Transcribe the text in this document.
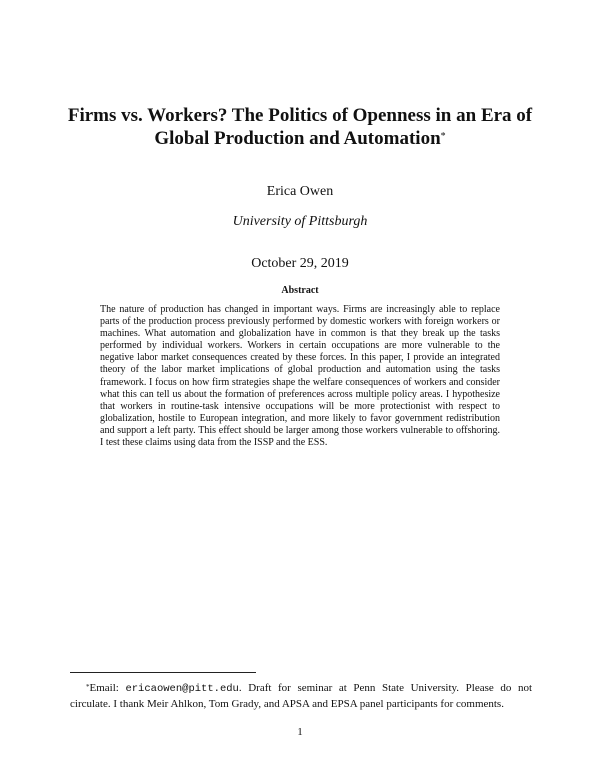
Firms vs. Workers? The Politics of Openness in an Era of Global Production and Automation*

Erica Owen

University of Pittsburgh

October 29, 2019

Abstract

The nature of production has changed in important ways. Firms are increasingly able to replace parts of the production process previously performed by domestic workers with foreign workers or machines. What automation and globalization have in common is that they break up the tasks performed by individual workers. Workers in certain occupations are more vulnerable to the negative labor market consequences created by these forces. In this paper, I provide an integrated theory of the labor market implications of global production and automation using the tasks framework. I focus on how firm strategies shape the welfare consequences of workers and consider what this can tell us about the formation of preferences across multiple policy areas. I hypothesize that workers in routine-task intensive occupations will be more protectionist with respect to globalization, hostile to European integration, and more likely to favor government redistribution and support a left party. This effect should be larger among those workers vulnerable to offshoring. I test these claims using data from the ISSP and the ESS.

*Email: ericaowen@pitt.edu. Draft for seminar at Penn State University. Please do not circulate. I thank Meir Ahlkon, Tom Grady, and APSA and EPSA panel participants for comments.

1
